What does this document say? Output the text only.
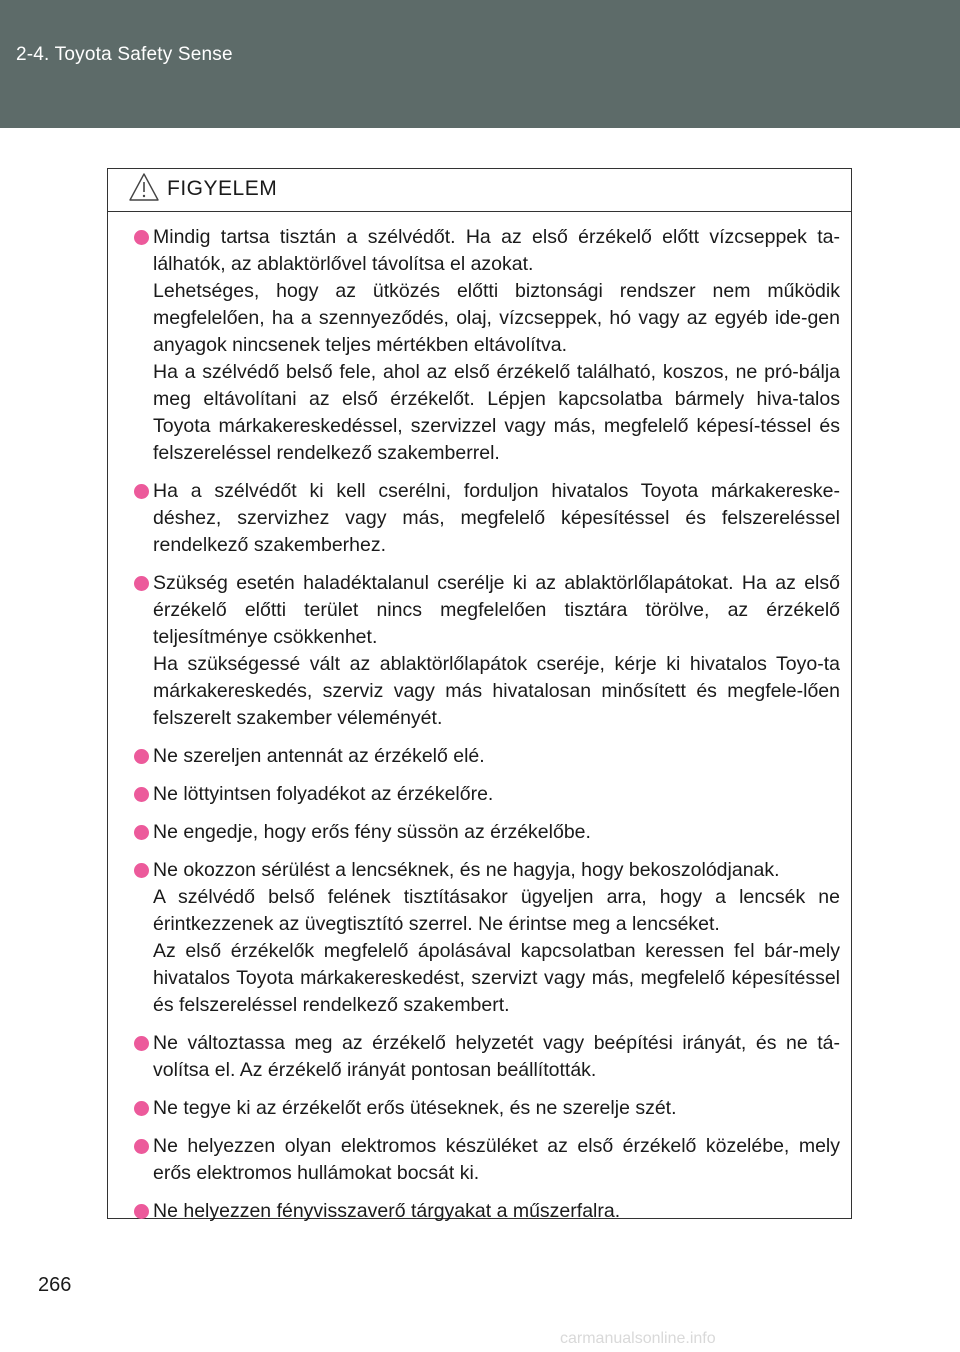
2-4. Toyota Safety Sense
FIGYELEM

Mindig tartsa tisztán a szélvédőt. Ha az első érzékelő előtt vízcseppek ta-lálhatók, az ablaktörlővel távolítsa el azokat.

Lehetséges, hogy az ütközés előtti biztonsági rendszer nem működik megfelelően, ha a szennyeződés, olaj, vízcseppek, hó vagy az egyéb ide-gen anyagok nincsenek teljes mértékben eltávolítva.

Ha a szélvédő belső fele, ahol az első érzékelő található, koszos, ne pró-bálja meg eltávolítani az első érzékelőt. Lépjen kapcsolatba bármely hiva-talos Toyota márkakereskedéssel, szervizzel vagy más, megfelelő képesí-téssel és felszereléssel rendelkező szakemberrel.

Ha a szélvédőt ki kell cserélni, forduljon hivatalos Toyota márkakereske-déshez, szervizhez vagy más, megfelelő képesítéssel és felszereléssel rendelkező szakemberhez.

Szükség esetén haladéktalanul cserélje ki az ablaktörlőlapátokat. Ha az első érzékelő előtti terület nincs megfelelően tisztára törölve, az érzékelő teljesítménye csökkenhet.

Ha szükségessé vált az ablaktörlőlapátok cseréje, kérje ki hivatalos Toyo-ta márkakereskedés, szerviz vagy más hivatalosan minősített és megfele-lően felszerelt szakember véleményét.

Ne szereljen antennát az érzékelő elé.

Ne löttyintsen folyadékot az érzékelőre.

Ne engedje, hogy erős fény süssön az érzékelőbe.

Ne okozzon sérülést a lencséknek, és ne hagyja, hogy bekoszolódjanak.

A szélvédő belső felének tisztításakor ügyeljen arra, hogy a lencsék ne érintkezzenek az üvegtisztító szerrel. Ne érintse meg a lencséket.

Az első érzékelők megfelelő ápolásával kapcsolatban keressen fel bár-mely hivatalos Toyota márkakereskedést, szervizt vagy más, megfelelő képesítéssel és felszereléssel rendelkező szakembert.

Ne változtassa meg az érzékelő helyzetét vagy beépítési irányát, és ne tá-volítsa el. Az érzékelő irányát pontosan beállították.

Ne tegye ki az érzékelőt erős ütéseknek, és ne szerelje szét.

Ne helyezzen olyan elektromos készüléket az első érzékelő közelébe, mely erős elektromos hullámokat bocsát ki.

Ne helyezzen fényvisszaverő tárgyakat a műszerfalra.

266
carmanualsonline.info
